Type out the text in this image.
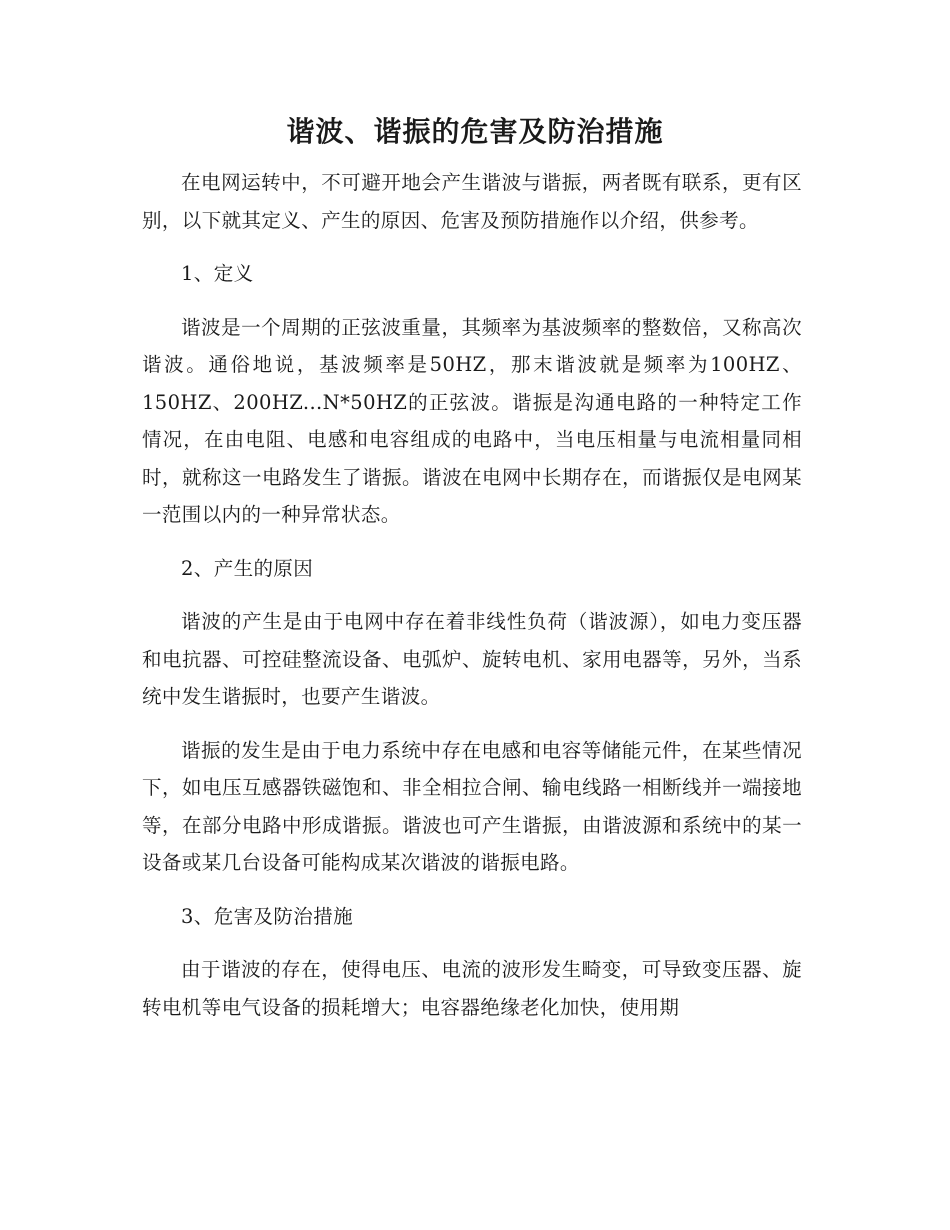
谐波、谐振的危害及防治措施

在电网运转中，不可避开地会产生谐波与谐振，两者既有联系，更有区别，以下就其定义、产生的原因、危害及预防措施作以介绍，供参考。

1、定义

谐波是一个周期的正弦波重量，其频率为基波频率的整数倍，又称高次谐波。通俗地说，基波频率是50HZ，那末谐波就是频率为100HZ、150HZ、200HZ...N*50HZ的正弦波。谐振是沟通电路的一种特定工作情况，在由电阻、电感和电容组成的电路中，当电压相量与电流相量同相时，就称这一电路发生了谐振。谐波在电网中长期存在，而谐振仅是电网某一范围以内的一种异常状态。

2、产生的原因

谐波的产生是由于电网中存在着非线性负荷（谐波源），如电力变压器和电抗器、可控硅整流设备、电弧炉、旋转电机、家用电器等，另外，当系统中发生谐振时，也要产生谐波。

谐振的发生是由于电力系统中存在电感和电容等储能元件，在某些情况下，如电压互感器铁磁饱和、非全相拉合闸、输电线路一相断线并一端接地等，在部分电路中形成谐振。谐波也可产生谐振，由谐波源和系统中的某一设备或某几台设备可能构成某次谐波的谐振电路。

3、危害及防治措施

由于谐波的存在，使得电压、电流的波形发生畸变，可导致变压器、旋转电机等电气设备的损耗增大；电容器绝缘老化加快，使用期
